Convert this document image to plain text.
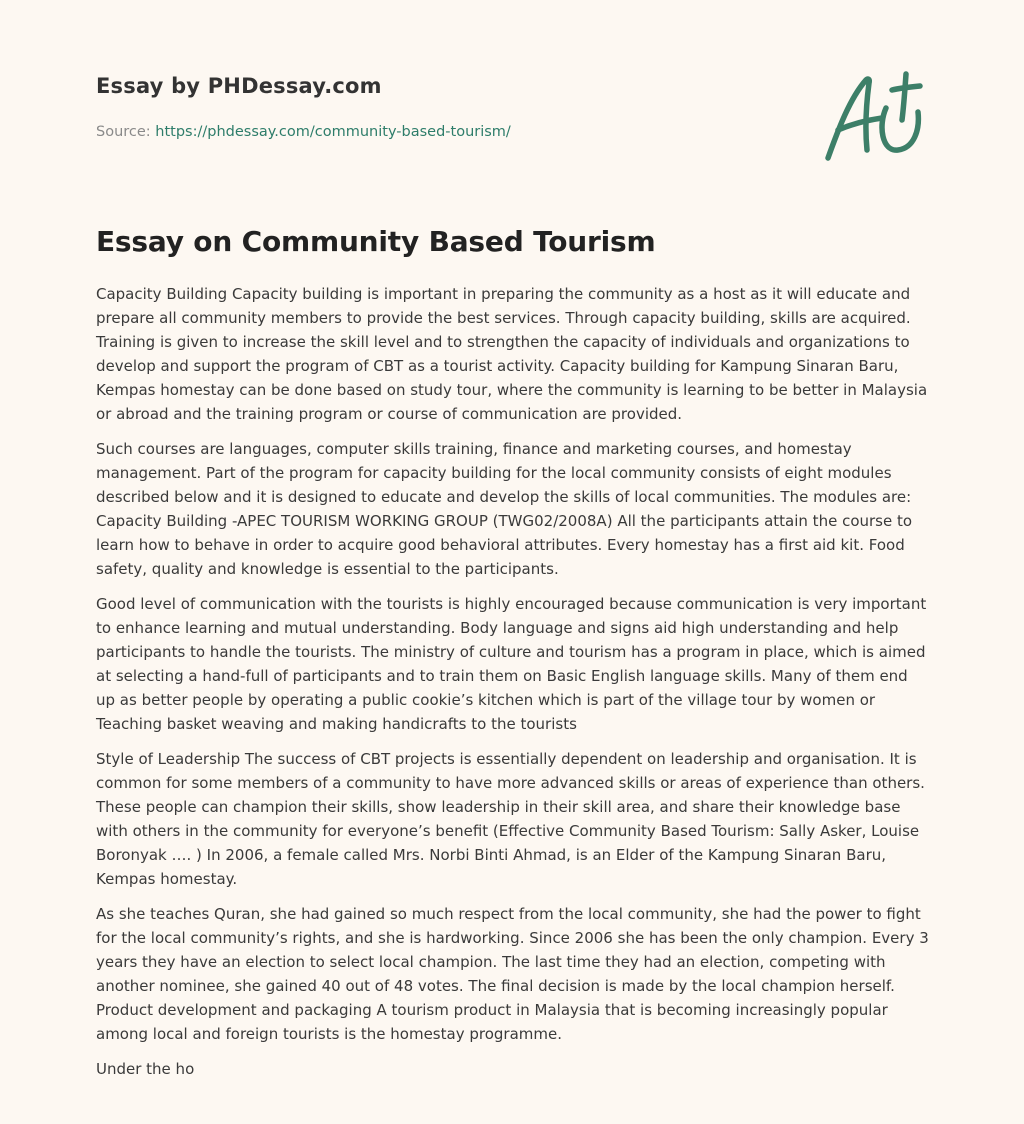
Essay by PHDessay.com
Source: https://phdessay.com/community-based-tourism/
Essay on Community Based Tourism

Capacity Building Capacity building is important in preparing the community as a host as it will educate and prepare all community members to provide the best services. Through capacity building, skills are acquired. Training is given to increase the skill level and to strengthen the capacity of individuals and organizations to develop and support the program of CBT as a tourist activity. Capacity building for Kampung Sinaran Baru, Kempas homestay can be done based on study tour, where the community is learning to be better in Malaysia or abroad and the training program or course of communication are provided.

Such courses are languages, computer skills training, finance and marketing courses, and homestay management. Part of the program for capacity building for the local community consists of eight modules described below and it is designed to educate and develop the skills of local communities. The modules are: Capacity Building -APEC TOURISM WORKING GROUP (TWG02/2008A) All the participants attain the course to learn how to behave in order to acquire good behavioral attributes. Every homestay has a first aid kit. Food safety, quality and knowledge is essential to the participants.

Good level of communication with the tourists is highly encouraged because communication is very important to enhance learning and mutual understanding. Body language and signs aid high understanding and help participants to handle the tourists. The ministry of culture and tourism has a program in place, which is aimed at selecting a hand-full of participants and to train them on Basic English language skills. Many of them end up as better people by operating a public cookie’s kitchen which is part of the village tour by women or Teaching basket weaving and making handicrafts to the tourists

Style of Leadership The success of CBT projects is essentially dependent on leadership and organisation. It is common for some members of a community to have more advanced skills or areas of experience than others. These people can champion their skills, show leadership in their skill area, and share their knowledge base with others in the community for everyone’s benefit (Effective Community Based Tourism: Sally Asker, Louise Boronyak …. ) In 2006, a female called Mrs. Norbi Binti Ahmad, is an Elder of the Kampung Sinaran Baru, Kempas homestay.

As she teaches Quran, she had gained so much respect from the local community, she had the power to fight for the local community’s rights, and she is hardworking. Since 2006 she has been the only champion. Every 3 years they have an election to select local champion. The last time they had an election, competing with another nominee, she gained 40 out of 48 votes. The final decision is made by the local champion herself. Product development and packaging A tourism product in Malaysia that is becoming increasingly popular among local and foreign tourists is the homestay programme.

Under the ho
